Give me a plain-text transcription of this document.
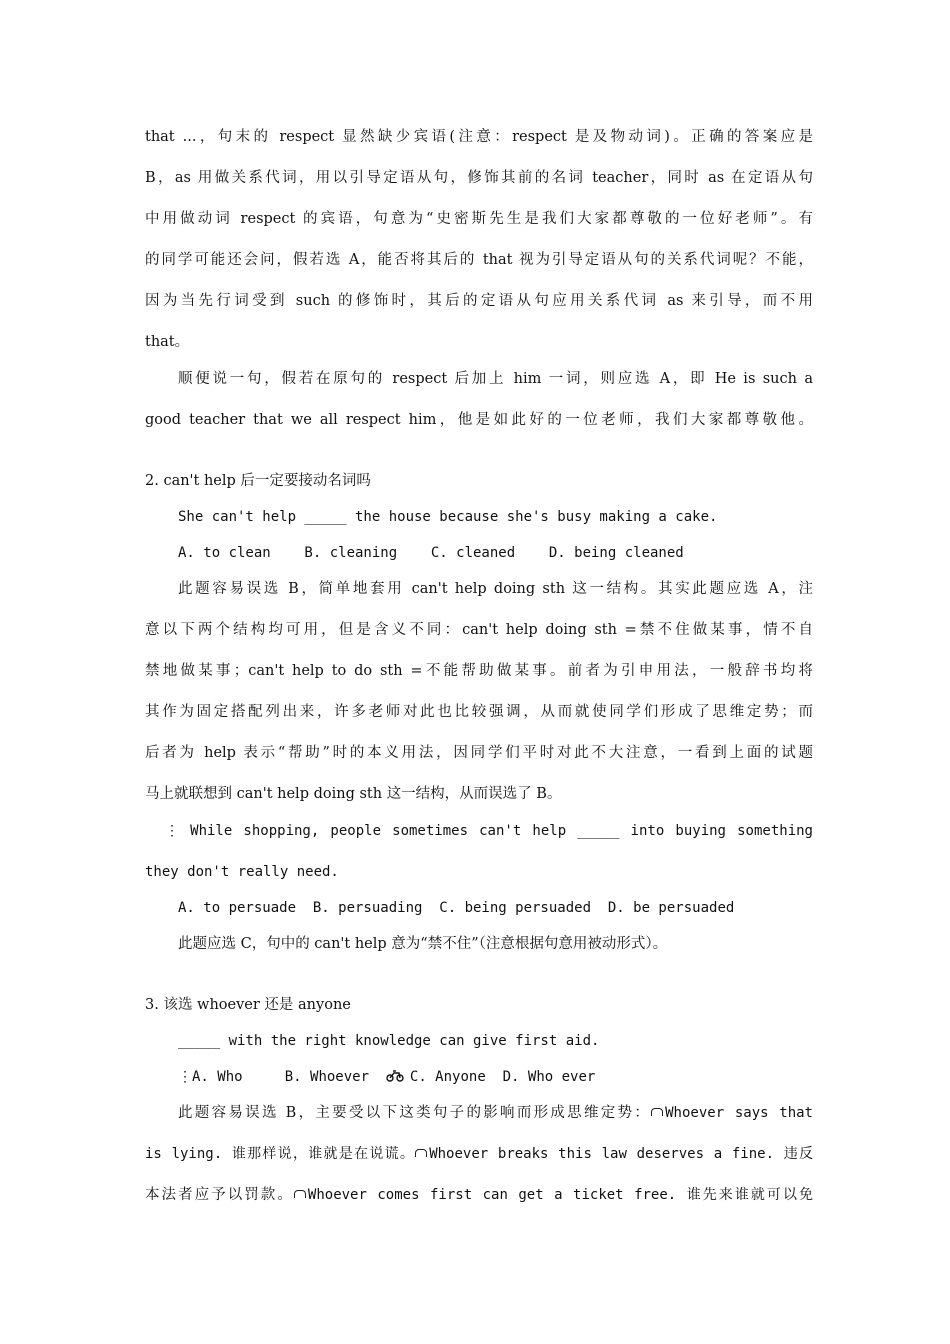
that ...，句末的 respect 显然缺少宾语(注意：respect 是及物动词)。正确的答案应是
B，as 用做关系代词，用以引导定语从句，修饰其前的名词 teacher，同时 as 在定语从句
中用做动词 respect 的宾语，句意为“史密斯先生是我们大家都尊敬的一位好老师”。有
的同学可能还会问，假若选 A，能否将其后的 that 视为引导定语从句的关系代词呢？不能，
因为当先行词受到 such 的修饰时，其后的定语从句应用关系代词 as 来引导，而不用
that。
顺便说一句，假若在原句的 respect 后加上 him 一词，则应选 A，即 He is such a
good teacher that we all respect him，他是如此好的一位老师，我们大家都尊敬他。
2. can't help 后一定要接动名词吗
She can't help _____ the house because she's busy making a cake.
A. to clean    B. cleaning    C. cleaned    D. being cleaned
此题容易误选 B，简单地套用 can't help doing sth 这一结构。其实此题应选 A，注
意以下两个结构均可用，但是含义不同：can't help doing sth =禁不住做某事，情不自
禁地做某事；can't help to do sth =不能帮助做某事。前者为引申用法，一般辞书均将
其作为固定搭配列出来，许多老师对此也比较强调，从而就使同学们形成了思维定势；而
后者为 help 表示“帮助”时的本义用法，因同学们平时对此不大注意，一看到上面的试题
马上就联想到 can't help doing sth 这一结构，从而误选了 B。
⋮ While shopping, people sometimes can't help _____ into buying something
they don't really need.
A. to persuade  B. persuading  C. being persuaded  D. be persuaded
此题应选 C，句中的 can't help 意为“禁不住”（注意根据句意用被动形式）。
3. 该选 whoever 还是 anyone
_____ with the right knowledge can give first aid.
⋮A. Who	B. Whoever	C. Anyone D. Who ever
此题容易误选 B，主要受以下这类句子的影响而形成思维定势： Whoever says that
is lying. 谁那样说，谁就是在说谎。 Whoever breaks this law deserves a fine. 违反
本法者应予以罚款。 Whoever comes first can get a ticket free. 谁先来谁就可以免
